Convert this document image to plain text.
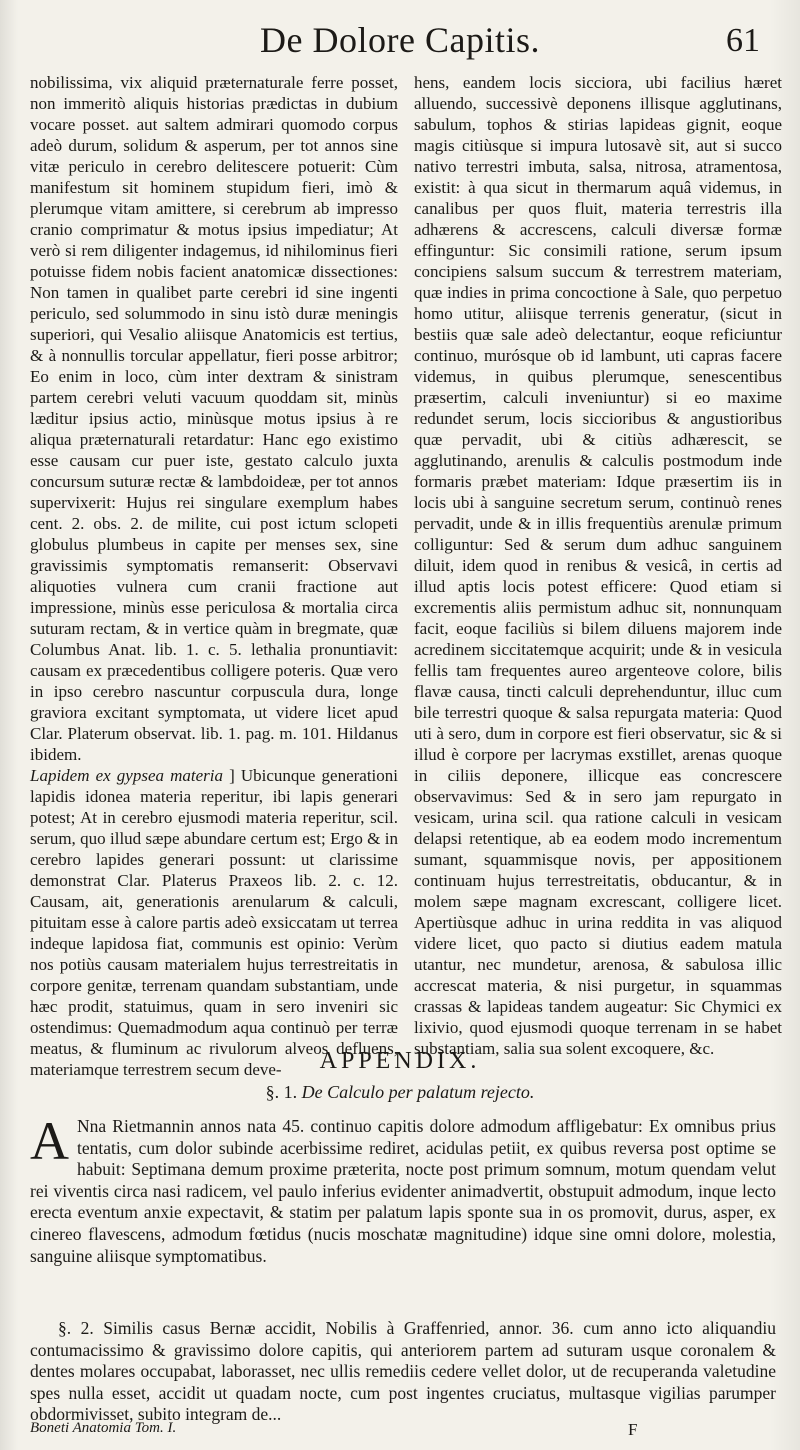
De Dolore Capitis.	61

nobilissima, vix aliquid præternaturale ferre posset, non immeritò aliquis historias prædictas in dubium vocare posset. aut saltem admirari quomodo corpus adeò durum, solidum & asperum, per tot annos sine vitæ periculo in cerebro delitescere potuerit: Cùm manifestum sit hominem stupidum fieri, imò & plerumque vitam amittere, si cerebrum ab impresso cranio comprimatur & motus ipsius impediatur; At verò si rem diligenter indagemus, id nihilominus fieri potuisse fidem nobis facient anatomicæ dissectiones: Non tamen in qualibet parte cerebri id sine ingenti periculo, sed solummodo in sinu istò duræ meningis superiori, qui Vesalio aliisque Anatomicis est tertius, & à nonnullis torcular appellatur, fieri posse arbitror; Eo enim in loco, cùm inter dextram & sinistram partem cerebri veluti vacuum quoddam sit, minùs læditur ipsius actio, minùsque motus ipsius à re aliqua præternaturali retardatur: Hanc ego existimo esse causam cur puer iste, gestato calculo juxta concursum suturæ rectæ & lambdoideæ, per tot annos supervixerit: Hujus rei singulare exemplum habes cent. 2. obs. 2. de milite, cui post ictum sclopeti globulus plumbeus in capite per menses sex, sine gravissimis symptomatis remanserit: Observavi aliquoties vulnera cum cranii fractione aut impressione, minùs esse periculosa & mortalia circa suturam rectam, & in vertice quàm in bregmate, quæ Columbus Anat. lib. 1. c. 5. lethalia pronuntiavit: causam ex præcedentibus colligere poteris. Quæ vero in ipso cerebro nascuntur corpuscula dura, longe graviora excitant symptomata, ut videre licet apud Clar. Platerum observat. lib. 1. pag. m. 101. Hildanus ibidem.

Lapidem ex gypsea materia ] Ubicunque generationi lapidis idonea materia reperitur, ibi lapis generari potest; At in cerebro ejusmodi materia reperitur, scil. serum, quo illud sæpe abundare certum est; Ergo & in cerebro lapides generari possunt: ut clarissime demonstrat Clar. Platerus Praxeos lib. 2. c. 12. Causam, ait, generationis arenularum & calculi, pituitam esse à calore partis adeò exsiccatam ut terrea indeque lapidosa fiat, communis est opinio: Verùm nos potiùs causam materialem hujus terrestreitatis in corpore genitæ, terrenam quandam substantiam, unde hæc prodit, statuimus, quam in sero inveniri sic ostendimus: Quemadmodum aqua continuò per terræ meatus, & fluminum ac rivulorum alveos defluens, materiamque terrestrem secum deve-

hens, eandem locis sicciora, ubi facilius hæret alluendo, successivè deponens illisque agglutinans, sabulum, tophos & stirias lapideas gignit, eoque magis citiùsque si impura lutosavè sit, aut si succo nativo terrestri imbuta, salsa, nitrosa, atramentosa, existit: à qua sicut in thermarum aquâ videmus, in canalibus per quos fluit, materia terrestris illa adhærens & accrescens, calculi diversæ formæ effinguntur: Sic consimili ratione, serum ipsum concipiens salsum succum & terrestrem materiam, quæ indies in prima concoctione à Sale, quo perpetuo homo utitur, aliisque terrenis generatur, (sicut in bestiis quæ sale adeò delectantur, eoque reficiuntur continuo, murósque ob id lambunt, uti capras facere videmus, in quibus plerumque, senescentibus præsertim, calculi inveniuntur) si eo maxime redundet serum, locis siccioribus & angustioribus quæ pervadit, ubi & citiùs adhærescit, se agglutinando, arenulis & calculis postmodum inde formaris præbet materiam: Idque præsertim iis in locis ubi à sanguine secretum serum, continuò renes pervadit, unde & in illis frequentiùs arenulæ primum colliguntur: Sed & serum dum adhuc sanguinem diluit, idem quod in renibus & vesicâ, in certis ad illud aptis locis potest efficere: Quod etiam si excrementis aliis permistum adhuc sit, nonnunquam facit, eoque faciliùs si bilem diluens majorem inde acredinem siccitatemque acquirit; unde & in vesicula fellis tam frequentes aureo argenteove colore, bilis flavæ causa, tincti calculi deprehenduntur, illuc cum bile terrestri quoque & salsa repurgata materia: Quod uti à sero, dum in corpore est fieri observatur, sic & si illud è corpore per lacrymas exstillet, arenas quoque in ciliis deponere, illicque eas concrescere observavimus: Sed & in sero jam repurgato in vesicam, urina scil. qua ratione calculi in vesicam delapsi retentique, ab ea eodem modo incrementum sumant, squammisque novis, per appositionem continuam hujus terrestreitatis, obducantur, & in molem sæpe magnam excrescant, colligere licet. Apertiùsque adhuc in urina reddita in vas aliquod videre licet, quo pacto si diutius eadem matula utantur, nec mundetur, arenosa, & sabulosa illic accrescat materia, & nisi purgetur, in squammas crassas & lapideas tandem augeatur: Sic Chymici ex lixivio, quod ejusmodi quoque terrenam in se habet substantiam, salia sua solent excoquere, &c.

APPENDIX.
§. 1. De Calculo per palatum rejecto.
A Nna Rietmannin annos nata 45. continuo capitis dolore admodum affligebatur: Ex omnibus prius tentatis, cum dolor subinde acerbissime rediret, acidulas petiit, ex quibus reversa post optime se habuit: Septimana demum proxime præterita, nocte post primum somnum, motum quendam velut rei viventis circa nasi radicem, vel paulo inferius evidenter animadvertit, obstupuit admodum, inque lecto erecta eventum anxie expectavit, & statim per palatum lapis sponte sua in os promovit, durus, asper, ex cinereo flavescens, admodum fœtidus (nucis moschatæ magnitudine) idque sine omni dolore, molestia, sanguine aliisque symptomatibus.
§. 2. Similis casus Bernæ accidit, Nobilis à Graffenried, annor. 36. cum anno icto aliquandiu contumacissimo & gravissimo dolore capitis, qui anteriorem partem ad suturam usque coronalem & dentes molares occupabat, laborasset, nec ullis remediis cedere vellet dolor, ut de recuperanda valetudine spes nulla esset, accidit ut quadam nocte, cum post ingentes cruciatus, multasque vigilias parumper obdormivisset, subito integram de...
Boneti Anatomia Tom. I.	F
